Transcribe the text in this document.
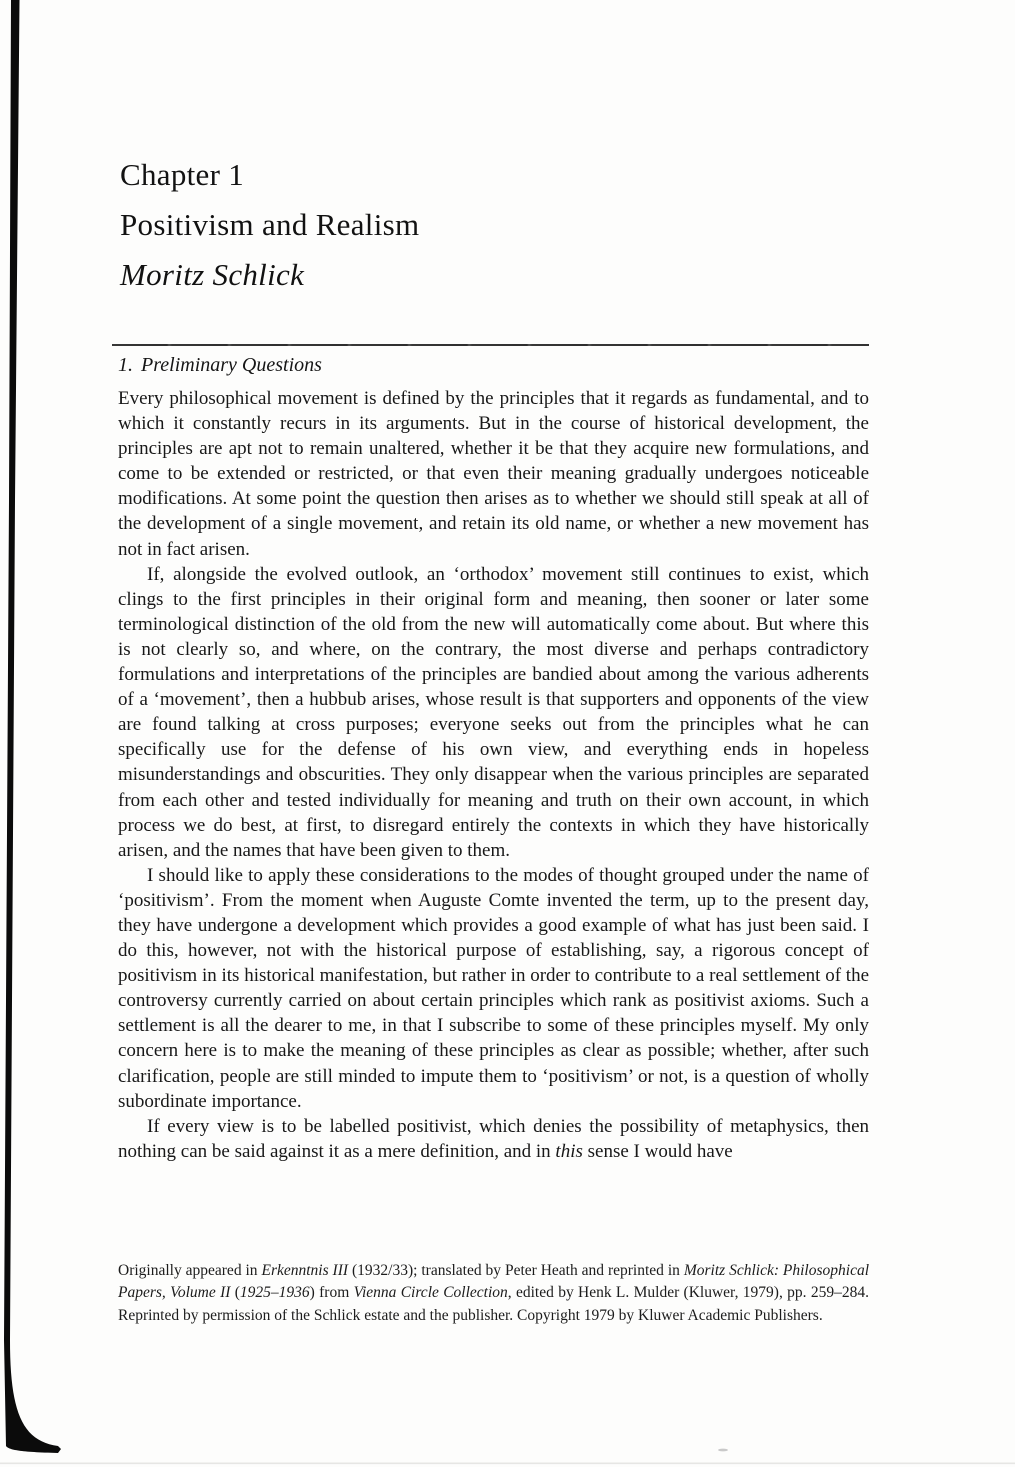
Chapter 1
Positivism and Realism
Moritz Schlick
1. Preliminary Questions

Every philosophical movement is defined by the principles that it regards as fundamental, and to which it constantly recurs in its arguments. But in the course of historical development, the principles are apt not to remain unaltered, whether it be that they acquire new formulations, and come to be extended or restricted, or that even their meaning gradually undergoes noticeable modifications. At some point the question then arises as to whether we should still speak at all of the development of a single movement, and retain its old name, or whether a new movement has not in fact arisen.

If, alongside the evolved outlook, an ‘orthodox’ movement still continues to exist, which clings to the first principles in their original form and meaning, then sooner or later some terminological distinction of the old from the new will automatically come about. But where this is not clearly so, and where, on the contrary, the most diverse and perhaps contradictory formulations and interpretations of the principles are bandied about among the various adherents of a ‘movement’, then a hubbub arises, whose result is that supporters and opponents of the view are found talking at cross purposes; everyone seeks out from the principles what he can specifically use for the defense of his own view, and everything ends in hopeless misunderstandings and obscurities. They only disappear when the various principles are separated from each other and tested individually for meaning and truth on their own account, in which process we do best, at first, to disregard entirely the contexts in which they have historically arisen, and the names that have been given to them.

I should like to apply these considerations to the modes of thought grouped under the name of ‘positivism’. From the moment when Auguste Comte invented the term, up to the present day, they have undergone a development which provides a good example of what has just been said. I do this, however, not with the historical purpose of establishing, say, a rigorous concept of positivism in its historical manifestation, but rather in order to contribute to a real settlement of the controversy currently carried on about certain principles which rank as positivist axioms. Such a settlement is all the dearer to me, in that I subscribe to some of these principles myself. My only concern here is to make the meaning of these principles as clear as possible; whether, after such clarification, people are still minded to impute them to ‘positivism’ or not, is a question of wholly subordinate importance.

If every view is to be labelled positivist, which denies the possibility of metaphysics, then nothing can be said against it as a mere definition, and in this sense I would have

Originally appeared in Erkenntnis III (1932/33); translated by Peter Heath and reprinted in Moritz Schlick: Philosophical Papers, Volume II (1925–1936) from Vienna Circle Collection, edited by Henk L. Mulder (Kluwer, 1979), pp. 259–284. Reprinted by permission of the Schlick estate and the publisher. Copyright 1979 by Kluwer Academic Publishers.
